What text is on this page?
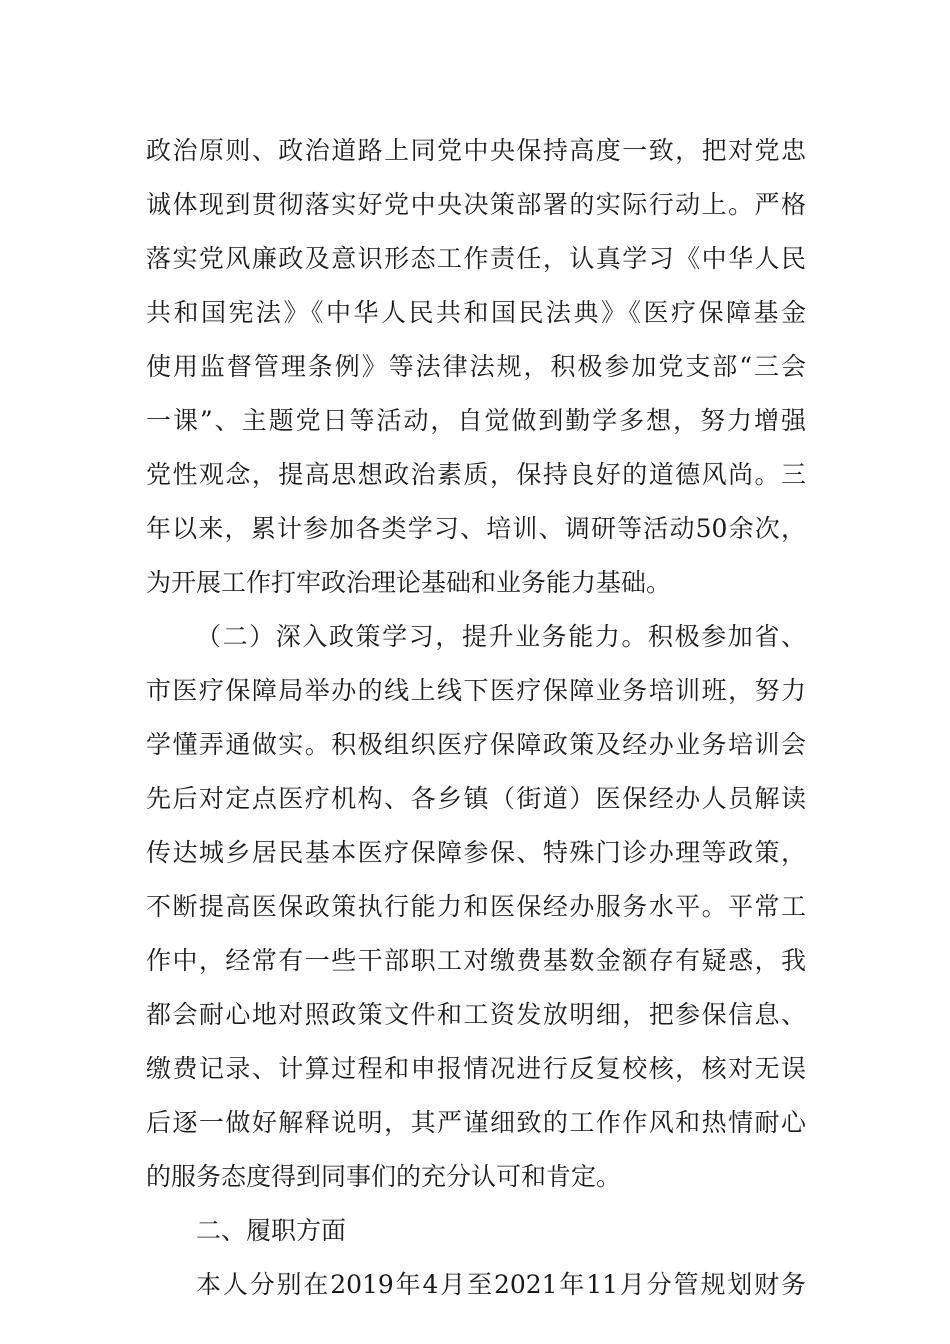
政治原则、政治道路上同党中央保持高度一致，把对党忠
诚体现到贯彻落实好党中央决策部署的实际行动上。严格
落实党风廉政及意识形态工作责任，认真学习《中华人民
共和国宪法》《中华人民共和国民法典》《医疗保障基金
使用监督管理条例》等法律法规，积极参加党支部“三会
一课”、主题党日等活动，自觉做到勤学多想，努力增强
党性观念，提高思想政治素质，保持良好的道德风尚。三
年以来，累计参加各类学习、培训、调研等活动50余次，
为开展工作打牢政治理论基础和业务能力基础。
（二）深入政策学习，提升业务能力。积极参加省、
市医疗保障局举办的线上线下医疗保障业务培训班，努力
学懂弄通做实。积极组织医疗保障政策及经办业务培训会
先后对定点医疗机构、各乡镇（街道）医保经办人员解读
传达城乡居民基本医疗保障参保、特殊门诊办理等政策，
不断提高医保政策执行能力和医保经办服务水平。平常工
作中，经常有一些干部职工对缴费基数金额存有疑惑，我
都会耐心地对照政策文件和工资发放明细，把参保信息、
缴费记录、计算过程和申报情况进行反复校核，核对无误
后逐一做好解释说明，其严谨细致的工作作风和热情耐心
的服务态度得到同事们的充分认可和肯定。
二、履职方面
本人分别在2019年4月至2021年11月分管规划财务
